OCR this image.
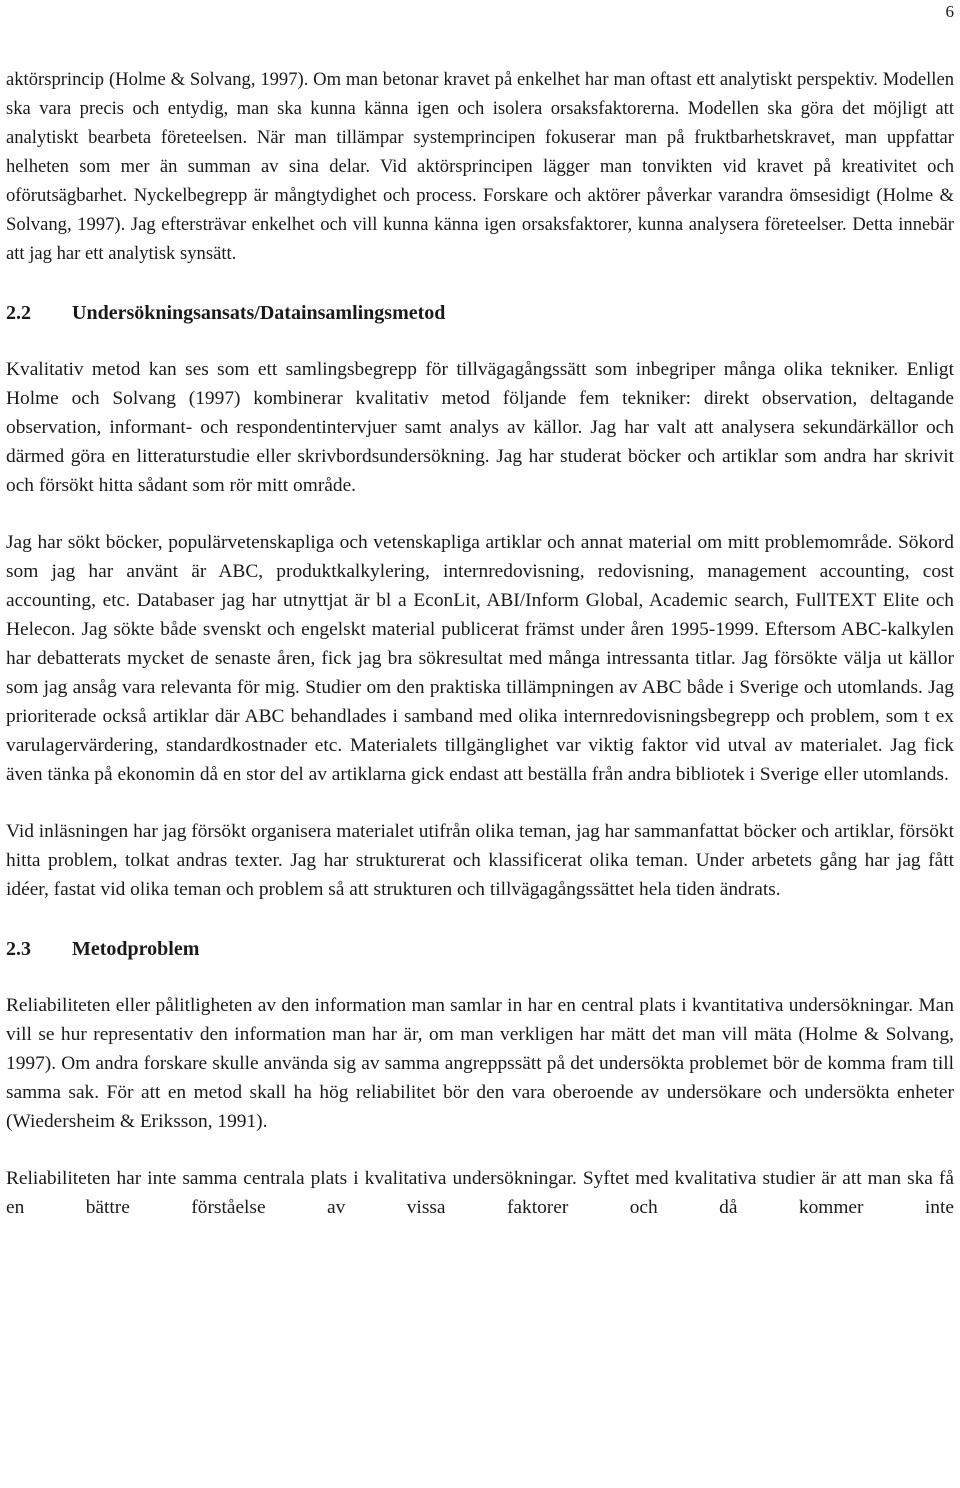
6

aktörsprincip (Holme & Solvang, 1997). Om man betonar kravet på enkelhet har man oftast ett analytiskt perspektiv. Modellen ska vara precis och entydig, man ska kunna känna igen och isolera orsaksfaktorerna. Modellen ska göra det möjligt att analytiskt bearbeta företeelsen. När man tillämpar systemprincipen fokuserar man på fruktbarhetskravet, man uppfattar helheten som mer än summan av sina delar. Vid aktörsprincipen lägger man tonvikten vid kravet på kreativitet och oförutsägbarhet. Nyckelbegrepp är mångtydighet och process. Forskare och aktörer påverkar varandra ömsesidigt (Holme & Solvang, 1997). Jag eftersträvar enkelhet och vill kunna känna igen orsaksfaktorer, kunna analysera företeelser. Detta innebär att jag har ett analytisk synsätt.

2.2 Undersökningsansats/Datainsamlingsmetod

Kvalitativ metod kan ses som ett samlingsbegrepp för tillvägagångssätt som inbegriper många olika tekniker. Enligt Holme och Solvang (1997) kombinerar kvalitativ metod följande fem tekniker: direkt observation, deltagande observation, informant- och respondentintervjuer samt analys av källor. Jag har valt att analysera sekundärkällor och därmed göra en litteraturstudie eller skrivbordsundersökning. Jag har studerat böcker och artiklar som andra har skrivit och försökt hitta sådant som rör mitt område.

Jag har sökt böcker, populärvetenskapliga och vetenskapliga artiklar och annat material om mitt problemområde. Sökord som jag har använt är ABC, produktkalkylering, internredovisning, redovisning, management accounting, cost accounting, etc. Databaser jag har utnyttjat är bl a EconLit, ABI/Inform Global, Academic search, FullTEXT Elite och Helecon. Jag sökte både svenskt och engelskt material publicerat främst under åren 1995-1999. Eftersom ABC-kalkylen har debatterats mycket de senaste åren, fick jag bra sökresultat med många intressanta titlar. Jag försökte välja ut källor som jag ansåg vara relevanta för mig. Studier om den praktiska tillämpningen av ABC både i Sverige och utomlands. Jag prioriterade också artiklar där ABC behandlades i samband med olika internredovisningsbegrepp och problem, som t ex varulagervärdering, standardkostnader etc. Materialets tillgänglighet var viktig faktor vid utval av materialet. Jag fick även tänka på ekonomin då en stor del av artiklarna gick endast att beställa från andra bibliotek i Sverige eller utomlands.

Vid inläsningen har jag försökt organisera materialet utifrån olika teman, jag har sammanfattat böcker och artiklar, försökt hitta problem, tolkat andras texter. Jag har strukturerat och klassificerat olika teman. Under arbetets gång har jag fått idéer, fastat vid olika teman och problem så att strukturen och tillvägagångssättet hela tiden ändrats.

2.3 Metodproblem

Reliabiliteten eller pålitligheten av den information man samlar in har en central plats i kvantitativa undersökningar. Man vill se hur representativ den information man har är, om man verkligen har mätt det man vill mäta (Holme & Solvang, 1997). Om andra forskare skulle använda sig av samma angreppssätt på det undersökta problemet bör de komma fram till samma sak. För att en metod skall ha hög reliabilitet bör den vara oberoende av undersökare och undersökta enheter (Wiedersheim & Eriksson, 1991).

Reliabiliteten har inte samma centrala plats i kvalitativa undersökningar. Syftet med kvalitativa studier är att man ska få en bättre förståelse av vissa faktorer och då kommer inte
